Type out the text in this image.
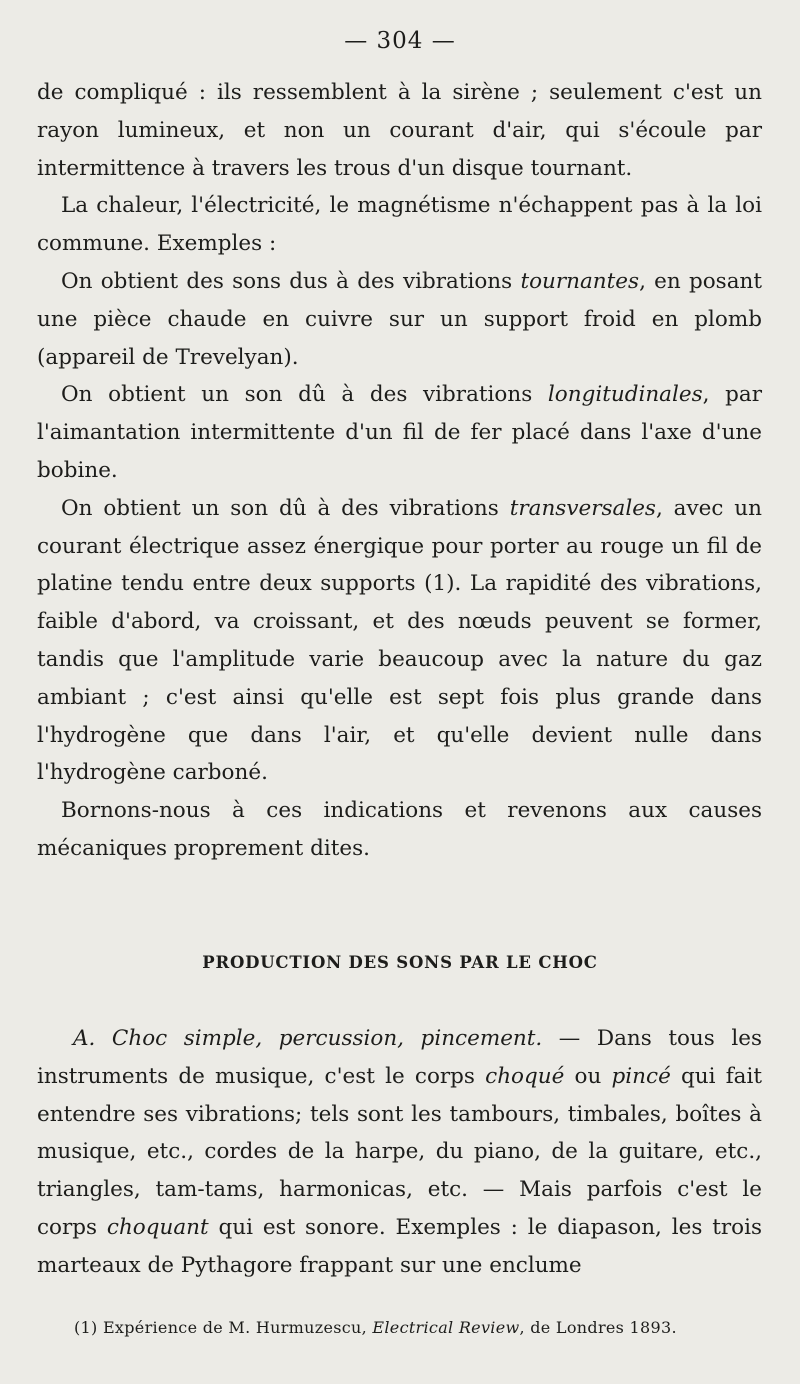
— 304 —

de compliqué : ils ressemblent à la sirène ; seulement c'est un rayon lumineux, et non un courant d'air, qui s'écoule par intermittence à travers les trous d'un disque tournant.

La chaleur, l'électricité, le magnétisme n'échappent pas à la loi commune. Exemples :

On obtient des sons dus à des vibrations tournantes, en posant une pièce chaude en cuivre sur un support froid en plomb (appareil de Trevelyan).

On obtient un son dû à des vibrations longitudinales, par l'aimantation intermittente d'un fil de fer placé dans l'axe d'une bobine.

On obtient un son dû à des vibrations transversales, avec un courant électrique assez énergique pour porter au rouge un fil de platine tendu entre deux supports (1). La rapidité des vibrations, faible d'abord, va croissant, et des nœuds peuvent se former, tandis que l'amplitude varie beaucoup avec la nature du gaz ambiant ; c'est ainsi qu'elle est sept fois plus grande dans l'hydrogène que dans l'air, et qu'elle devient nulle dans l'hydrogène carboné.

Bornons-nous à ces indications et revenons aux causes mécaniques proprement dites.

PRODUCTION DES SONS PAR LE CHOC

A. Choc simple, percussion, pincement. — Dans tous les instruments de musique, c'est le corps choqué ou pincé qui fait entendre ses vibrations; tels sont les tambours, timbales, boîtes à musique, etc., cordes de la harpe, du piano, de la guitare, etc., triangles, tam-tams, harmonicas, etc. — Mais parfois c'est le corps choquant qui est sonore. Exemples : le diapason, les trois marteaux de Pythagore frappant sur une enclume

(1) Expérience de M. Hurmuzescu, Electrical Review, de Londres 1893.
